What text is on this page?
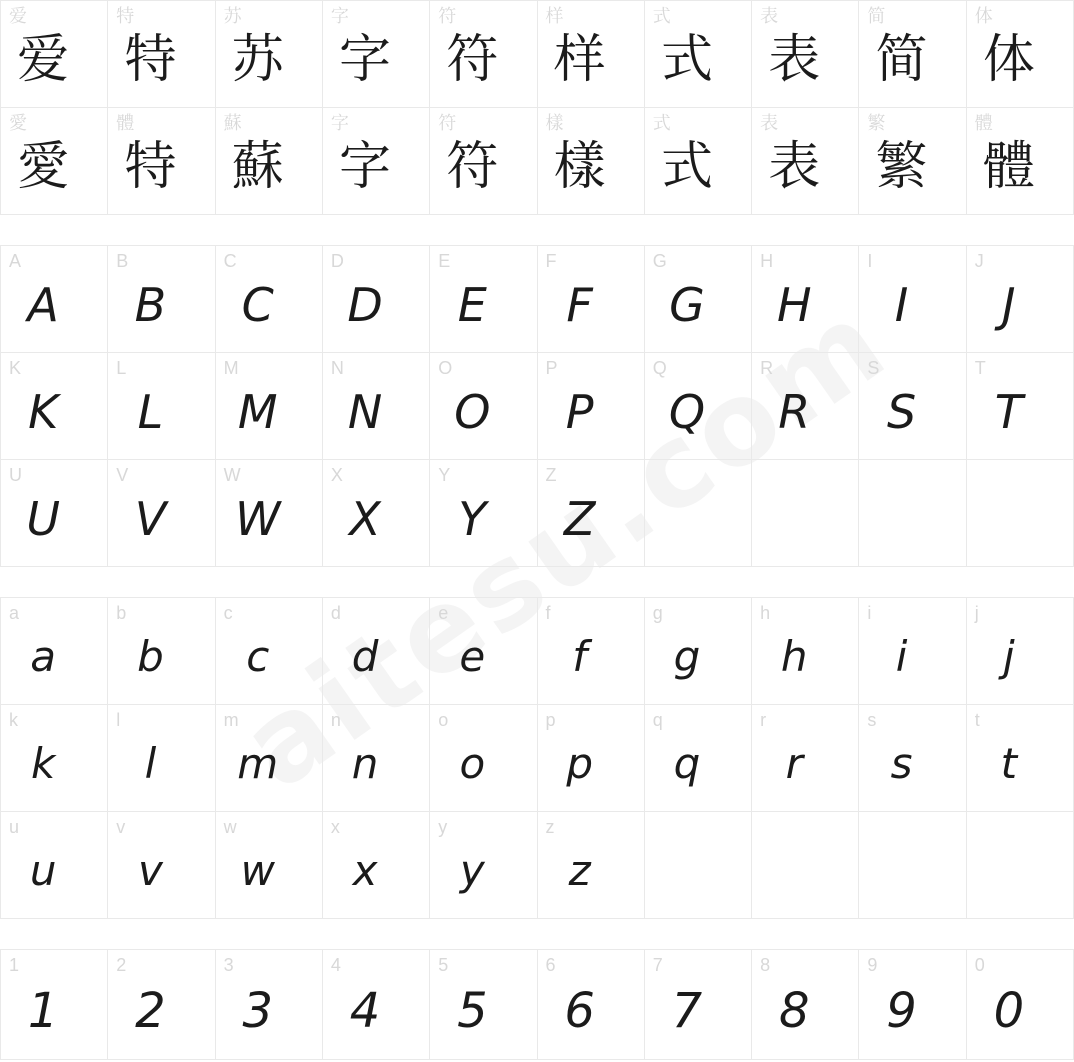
爱
爱
特
特
苏
苏
字
字
符
符
样
样
式
式
表
表
简
简
体
体
愛
愛
體
特
蘇
蘇
字
字
符
符
樣
樣
式
式
表
表
繁
繁
體
體
A
A
B
B
C
C
D
D
E
E
F
F
G
G
H
H
I
I
J
J
K
K
L
L
M
M
N
N
O
O
P
P
Q
Q
R
R
S
S
T
T
U
U
V
V
W
W
X
X
Y
Y
Z
Z
a
a
b
b
c
c
d
d
e
e
f
f
g
g
h
h
i
i
j
j
k
k
l
l
m
m
n
n
o
o
p
p
q
q
r
r
s
s
t
t
u
u
v
v
w
w
x
x
y
y
z
z
1
1
2
2
3
3
4
4
5
5
6
6
7
7
8
8
9
9
0
0
